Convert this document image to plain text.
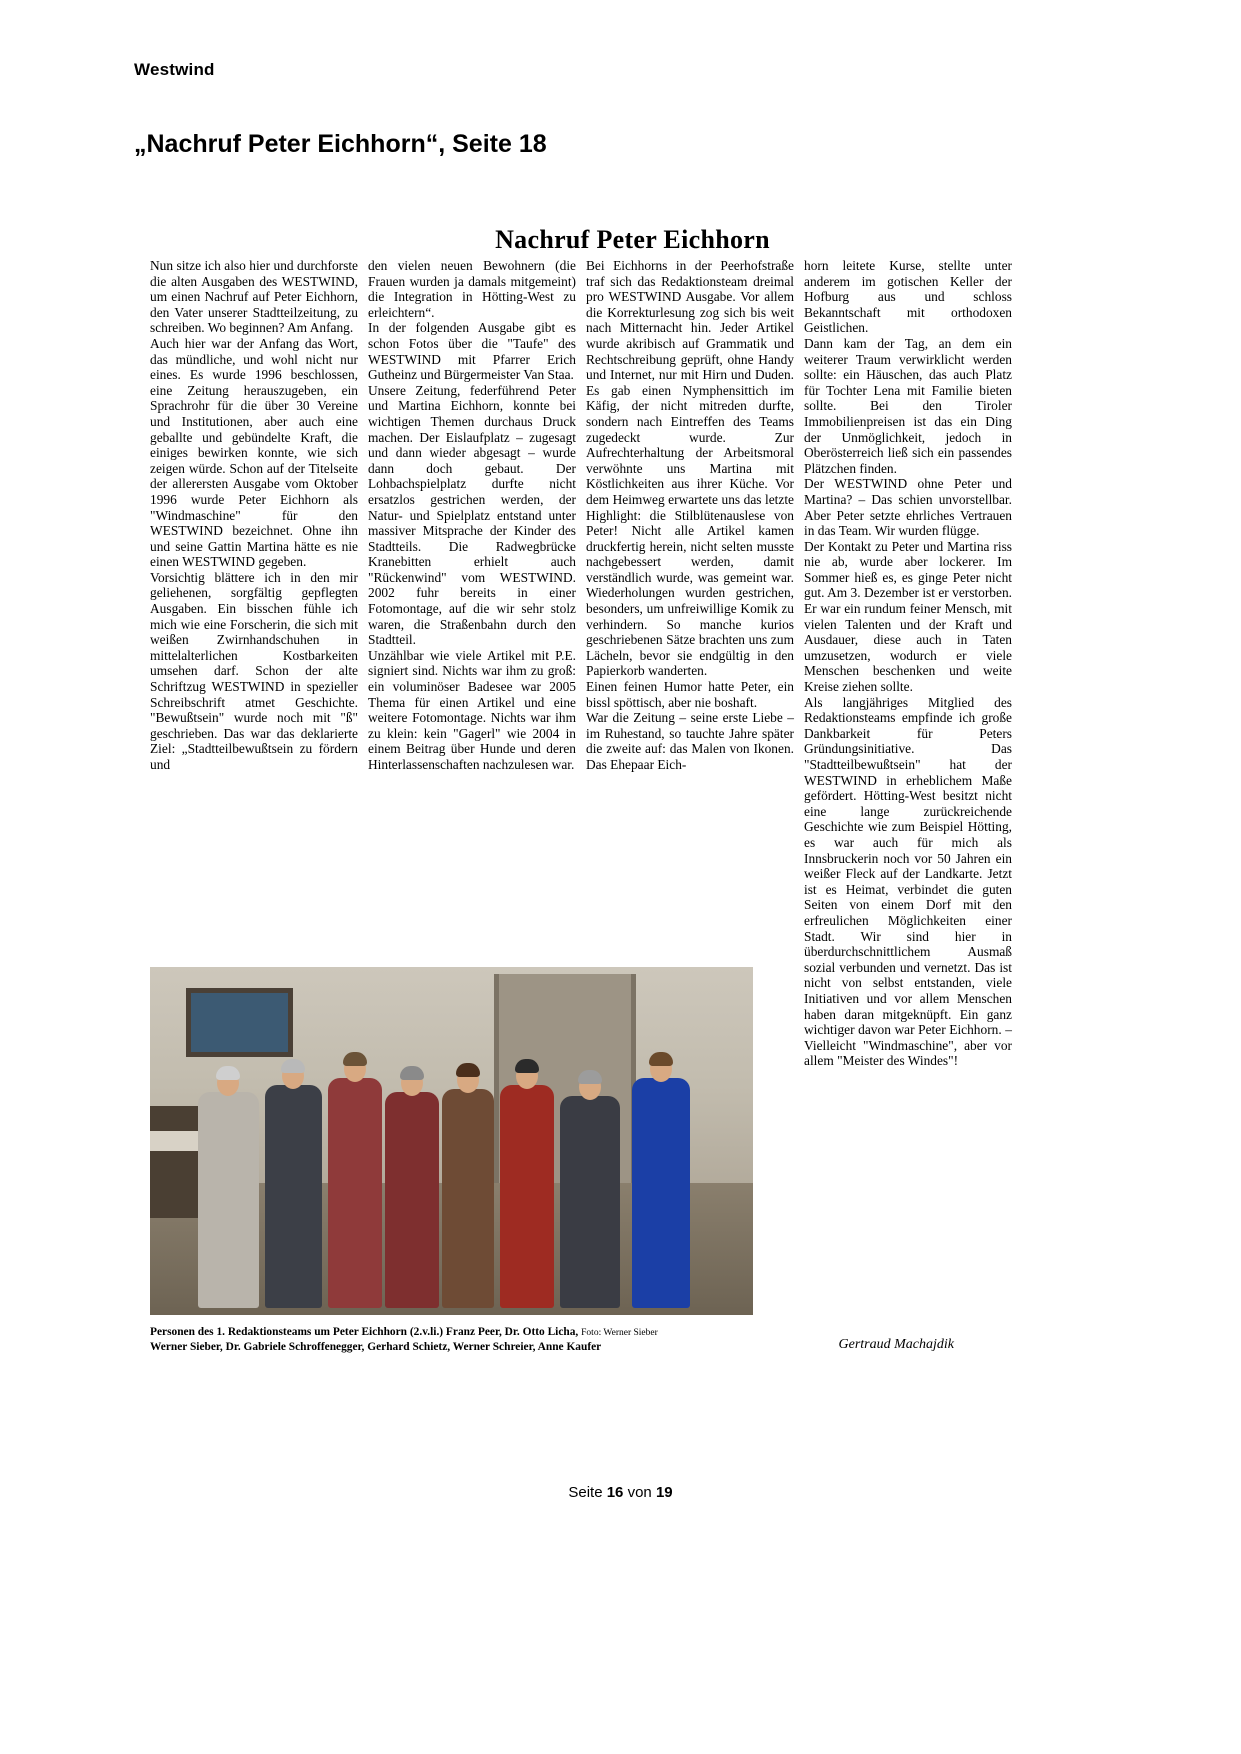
Westwind
„Nachruf Peter Eichhorn“, Seite 18
Nachruf Peter Eichhorn

Nun sitze ich also hier und durchforste die alten Ausgaben des WESTWIND, um einen Nachruf auf Peter Eichhorn, den Vater unserer Stadtteilzeitung, zu schreiben. Wo beginnen? Am Anfang.
Auch hier war der Anfang das Wort, das mündliche, und wohl nicht nur eines. Es wurde 1996 beschlossen, eine Zeitung herauszugeben, ein Sprachrohr für die über 30 Vereine und Institutionen, aber auch eine geballte und gebündelte Kraft, die einiges bewirken konnte, wie sich zeigen würde. Schon auf der Titelseite der allerersten Ausgabe vom Oktober 1996 wurde Peter Eichhorn als "Windmaschine" für den WESTWIND bezeichnet. Ohne ihn und seine Gattin Martina hätte es nie einen WESTWIND gegeben.
Vorsichtig blättere ich in den mir geliehenen, sorgfältig gepflegten Ausgaben. Ein bisschen fühle ich mich wie eine Forscherin, die sich mit weißen Zwirnhandschuhen in mittelalterlichen Kostbarkeiten umsehen darf. Schon der alte Schriftzug WESTWIND in spezieller Schreibschrift atmet Geschichte. "Bewußtsein" wurde noch mit "ß" geschrieben. Das war das deklarierte Ziel: „Stadtteilbewußtsein zu fördern und

den vielen neuen Bewohnern (die Frauen wurden ja damals mitgemeint) die Integration in Hötting-West zu erleichtern“.
In der folgenden Ausgabe gibt es schon Fotos über die "Taufe" des WESTWIND mit Pfarrer Erich Gutheinz und Bürgermeister Van Staa.
Unsere Zeitung, federführend Peter und Martina Eichhorn, konnte bei wichtigen Themen durchaus Druck machen. Der Eislaufplatz – zugesagt und dann wieder abgesagt – wurde dann doch gebaut. Der Lohbachspielplatz durfte nicht ersatzlos gestrichen werden, der Natur- und Spielplatz entstand unter massiver Mitsprache der Kinder des Stadtteils. Die Radwegbrücke Kranebitten erhielt auch "Rückenwind" vom WESTWIND. 2002 fuhr bereits in einer Fotomontage, auf die wir sehr stolz waren, die Straßenbahn durch den Stadtteil.
Unzählbar wie viele Artikel mit P.E. signiert sind. Nichts war ihm zu groß: ein voluminöser Badesee war 2005 Thema für einen Artikel und eine weitere Fotomontage. Nichts war ihm zu klein: kein "Gagerl" wie 2004 in einem Beitrag über Hunde und deren Hinterlassenschaften nachzulesen war.

Bei Eichhorns in der Peerhofstraße traf sich das Redaktionsteam dreimal pro WESTWIND Ausgabe. Vor allem die Korrekturlesung zog sich bis weit nach Mitternacht hin. Jeder Artikel wurde akribisch auf Grammatik und Rechtschreibung geprüft, ohne Handy und Internet, nur mit Hirn und Duden. Es gab einen Nymphensittich im Käfig, der nicht mitreden durfte, sondern nach Eintreffen des Teams zugedeckt wurde. Zur Aufrechterhaltung der Arbeitsmoral verwöhnte uns Martina mit Köstlichkeiten aus ihrer Küche. Vor dem Heimweg erwartete uns das letzte Highlight: die Stilblütenauslese von Peter! Nicht alle Artikel kamen druckfertig herein, nicht selten musste nachgebessert werden, damit verständlich wurde, was gemeint war. Wiederholungen wurden gestrichen, besonders, um unfreiwillige Komik zu verhindern. So manche kurios geschriebenen Sätze brachten uns zum Lächeln, bevor sie endgültig in den Papierkorb wanderten.
Einen feinen Humor hatte Peter, ein bissl spöttisch, aber nie boshaft.
War die Zeitung – seine erste Liebe – im Ruhestand, so tauchte Jahre später die zweite auf: das Malen von Ikonen. Das Ehepaar Eich-

horn leitete Kurse, stellte unter anderem im gotischen Keller der Hofburg aus und schloss Bekanntschaft mit orthodoxen Geistlichen.
Dann kam der Tag, an dem ein weiterer Traum verwirklicht werden sollte: ein Häuschen, das auch Platz für Tochter Lena mit Familie bieten sollte. Bei den Tiroler Immobilienpreisen ist das ein Ding der Unmöglichkeit, jedoch in Oberösterreich ließ sich ein passendes Plätzchen finden.
Der WESTWIND ohne Peter und Martina? – Das schien unvorstellbar. Aber Peter setzte ehrliches Vertrauen in das Team. Wir wurden flügge.
Der Kontakt zu Peter und Martina riss nie ab, wurde aber lockerer. Im Sommer hieß es, es ginge Peter nicht gut. Am 3. Dezember ist er verstorben. Er war ein rundum feiner Mensch, mit vielen Talenten und der Kraft und Ausdauer, diese auch in Taten umzusetzen, wodurch er viele Menschen beschenken und weite Kreise ziehen sollte.
Als langjähriges Mitglied des Redaktionsteams empfinde ich große Dankbarkeit für Peters Gründungsinitiative. Das "Stadtteilbewußtsein" hat der WESTWIND in erheblichem Maße gefördert. Hötting-West besitzt nicht eine lange zurückreichende Geschichte wie zum Beispiel Hötting, es war auch für mich als Innsbruckerin noch vor 50 Jahren ein weißer Fleck auf der Landkarte. Jetzt ist es Heimat, verbindet die guten Seiten von einem Dorf mit den erfreulichen Möglichkeiten einer Stadt. Wir sind hier in überdurchschnittlichem Ausmaß sozial verbunden und vernetzt. Das ist nicht von selbst entstanden, viele Initiativen und vor allem Menschen haben daran mitgeknüpft. Ein ganz wichtiger davon war Peter Eichhorn. – Vielleicht "Windmaschine", aber vor allem "Meister des Windes"!

Personen des 1. Redaktionsteams um Peter Eichhorn (2.v.li.) Franz Peer, Dr. Otto Licha, Foto: Werner Sieber
Werner Sieber, Dr. Gabriele Schroffenegger, Gerhard Schietz, Werner Schreier, Anne Kaufer	Gertraud Machajdik
Seite 16 von 19
